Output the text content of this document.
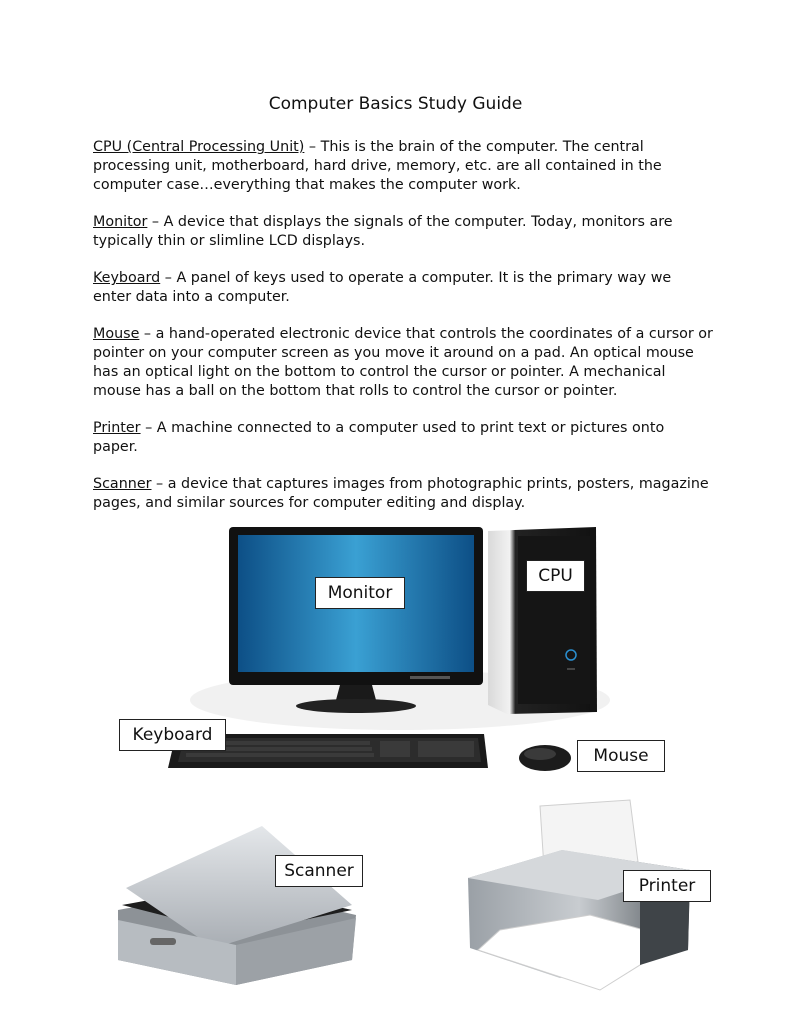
Computer Basics Study Guide

CPU (Central Processing Unit) – This is the brain of the computer. The central processing unit, motherboard, hard drive, memory, etc. are all contained in the computer case…everything that makes the computer work.

Monitor – A device that displays the signals of the computer. Today, monitors are typically thin or slimline LCD displays.

Keyboard – A panel of keys used to operate a computer. It is the primary way we enter data into a computer.

Mouse – a hand-operated electronic device that controls the coordinates of a cursor or pointer on your computer screen as you move it around on a pad. An optical mouse has an optical light on the bottom to control the cursor or pointer. A mechanical mouse has a ball on the bottom that rolls to control the cursor or pointer.

Printer – A machine connected to a computer used to print text or pictures onto paper.

Scanner – a device that captures images from photographic prints, posters, magazine pages, and similar sources for computer editing and display.

Monitor
CPU
Keyboard
Mouse
Scanner
Printer
